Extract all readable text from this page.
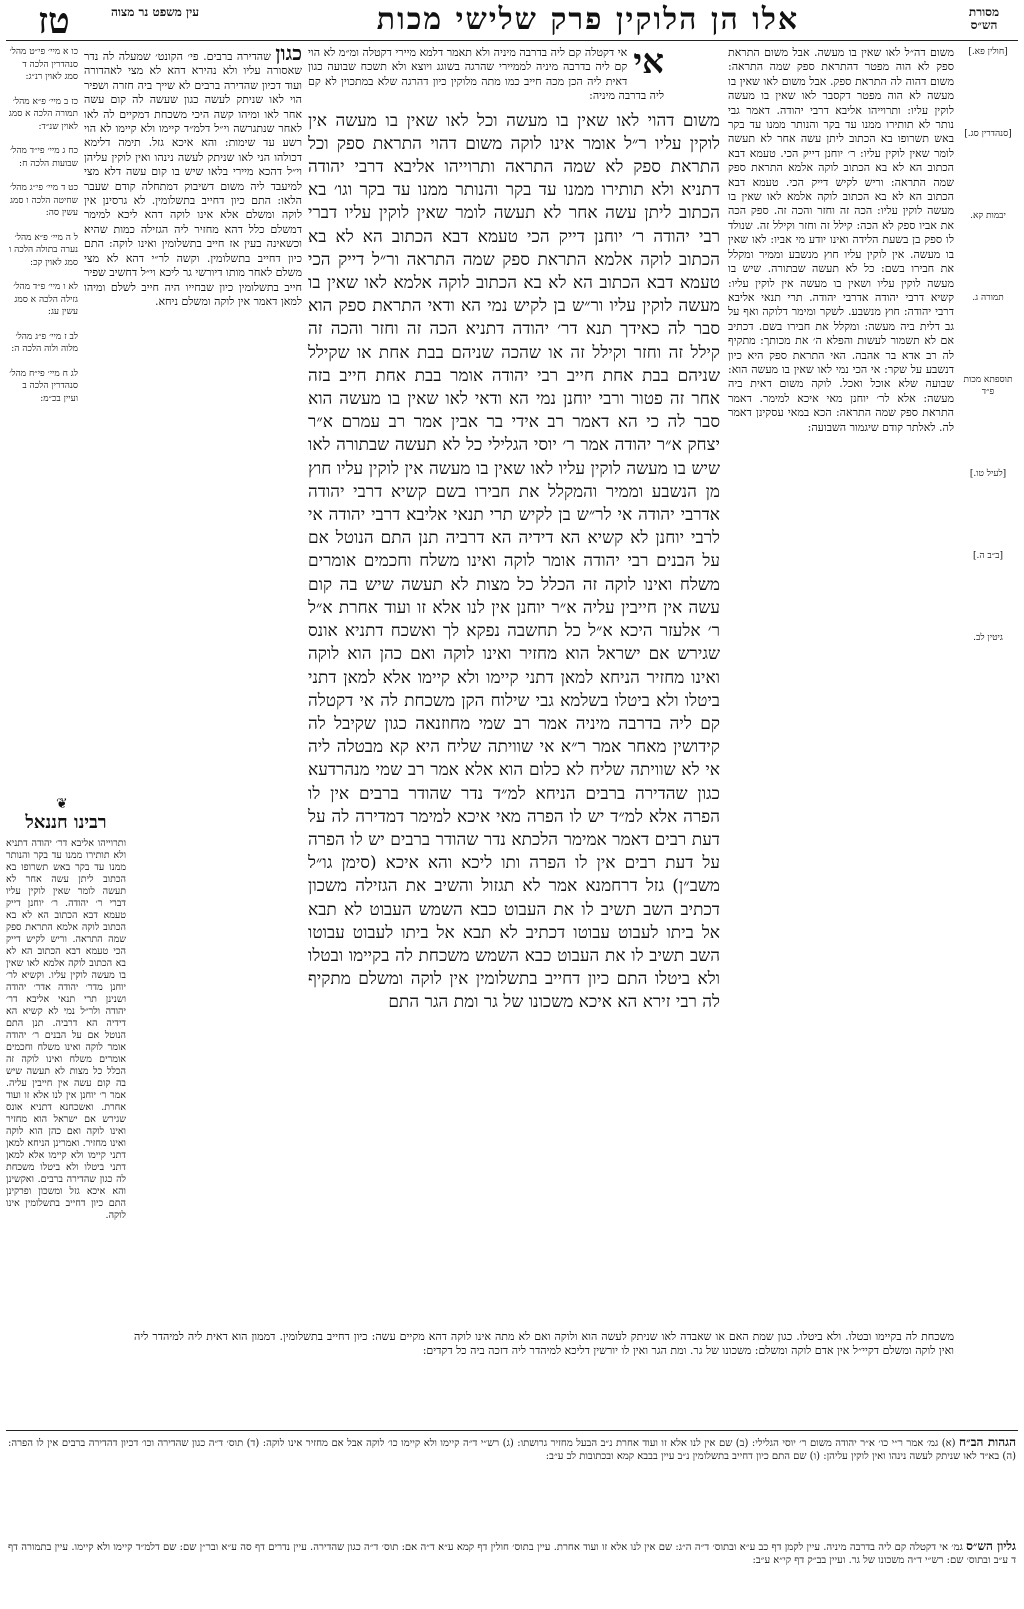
מסורת הש״ס
אלו הן הלוקין פרק שלישי מכות
עין משפט נר מצוה
טז
[חולין פא.]
[סנהדרין סג.]
יבמות קא.
תמורה ג.
תוספתא מכות פ״ד
[לעיל טו.]
[ב״ב ה.]
גיטין לב.
משום דה״ל לאו שאין בו מעשה. אבל משום התראת ספק לא הוה מפטר דהתראת ספק שמה התראה: משום דהוה לה התראת ספק. אבל משום לאו שאין בו מעשה לא הוה מפטר דקסבר לאו שאין בו מעשה לוקין עליו: ותרוייהו אליבא דרבי יהודה. דאמר גבי נותר לא תותירו ממנו עד בקר והנותר ממנו עד בקר באש תשרופו בא הכתוב ליתן עשה אחר לא תעשה לומר שאין לוקין עליו: ר׳ יוחנן דייק הכי. טעמא דבא הכתוב הא לא בא הכתוב לוקה אלמא התראת ספק שמה התראה: וריש לקיש דייק הכי. טעמא דבא הכתוב הא לא בא הכתוב לוקה אלמא לאו שאין בו מעשה לוקין עליו: הכה זה וחזר והכה זה. ספק הכה את אביו ספק לא הכה: קילל זה וחזר וקילל זה. שנולד לו ספק בן בשעת הלידה ואינו יודע מי אביו: לאו שאין בו מעשה. אין לוקין עליו חוץ מנשבע וממיר ומקלל את חבירו בשם: כל לא תעשה שבתורה. שיש בו מעשה לוקין עליו ושאין בו מעשה אין לוקין עליו: קשיא דרבי יהודה אדרבי יהודה. תרי תנאי אליבא דרבי יהודה: חוץ מנשבע. לשקר ומימר דלוקה ואף על גב דלית ביה מעשה: ומקלל את חבירו בשם. דכתיב אם לא תשמור לעשות והפלא ה׳ את מכותך: מתקיף לה רב אדא בר אהבה. האי התראת ספק היא כיון דנשבע על שקר: אי הכי נמי לאו שאין בו מעשה הוא: שבועה שלא אוכל ואכל. לוקה משום דאית ביה מעשה: אלא לר׳ יוחנן מאי איכא למימר. דאמר התראת ספק שמה התראה: הכא במאי עסקינן דאמר לה. לאלתר קודם שיגמור השבועה:
אי
אי דקטלה קם ליה בדרבה מיניה ולא תאמר דלמא מיירי דקטלה ומ״מ לא הוי קם ליה בדרבה מיניה לממיירי שהרגה בשוגג ויוצא ולא תשכח שבועה כגון דאית ליה הכן מכה חייב כמו מתה מלוקין כיון דהרגה שלא במתכוין לא קם ליה בדרבה מיניה:
משום דהוי לאו שאין בו מעשה וכל לאו שאין בו מעשה אין לוקין עליו ר״ל אומר אינו לוקה משום דהוי התראת ספק וכל התראת ספק לא שמה התראה ותרוייהו אליבא דרבי יהודה דתניא ולא תותירו ממנו עד בקר והנותר ממנו עד בקר וגו׳ בא הכתוב ליתן עשה אחר לא תעשה לומר שאין לוקין עליו דברי רבי יהודה ר׳ יוחנן דייק הכי טעמא דבא הכתוב הא לא בא הכתוב לוקה אלמא התראת ספק שמה התראה ור״ל דייק הכי טעמא דבא הכתוב הא לא בא הכתוב לוקה אלמא לאו שאין בו מעשה לוקין עליו ור״ש בן לקיש נמי הא ודאי התראת ספק הוא סבר לה כאידך תנא דר׳ יהודה דתניא הכה זה וחזר והכה זה קילל זה וחזר וקילל זה או שהכה שניהם בבת אחת או שקילל שניהם בבת אחת חייב רבי יהודה אומר בבת אחת חייב בזה אחר זה פטור ורבי יוחנן נמי הא ודאי לאו שאין בו מעשה הוא סבר לה כי הא דאמר רב אידי בר אבין אמר רב עמרם א״ר יצחק א״ר יהודה אמר ר׳ יוסי הגלילי כל לא תעשה שבתורה לאו שיש בו מעשה לוקין עליו לאו שאין בו מעשה אין לוקין עליו חוץ מן הנשבע וממיר והמקלל את חבירו בשם קשיא דרבי יהודה אדרבי יהודה אי לר״ש בן לקיש תרי תנאי אליבא דרבי יהודה אי לרבי יוחנן לא קשיא הא דידיה הא דרביה תנן התם הנוטל אם על הבנים רבי יהודה אומר לוקה ואינו משלח וחכמים אומרים משלח ואינו לוקה זה הכלל כל מצות לא תעשה שיש בה קום עשה אין חייבין עליה א״ר יוחנן אין לנו אלא זו ועוד אחרת א״ל ר׳ אלעזר היכא א״ל כל תחשבה נפקא לך ואשכח דתניא אונס שגירש אם ישראל הוא מחזיר ואינו לוקה ואם כהן הוא לוקה ואינו מחזיר הניחא למאן דתני קיימו ולא קיימו אלא למאן דתני ביטלו ולא ביטלו בשלמא גבי שילוח הקן משכחת לה אי דקטלה קם ליה בדרבה מיניה אמר רב שמי מחוזנאה כגון שקיבל לה קידושין מאחר אמר ר״א אי שוויתה שליח היא קא מבטלה ליה אי לא שוויתה שליח לא כלום הוא אלא אמר רב שמי מנהרדעא כגון שהדירה ברבים הניחא למ״ד נדר שהודר ברבים אין לו הפרה אלא למ״ד יש לו הפרה מאי איכא למימר דמדירה לה על דעת רבים דאמר אמימר הלכתא נדר שהודר ברבים יש לו הפרה על דעת רבים אין לו הפרה ותו ליכא והא איכא (סימן גו״ל משב״ן) גזל דרחמנא אמר לא תגזול והשיב את הגזילה משכון דכתיב השב תשיב לו את העבוט כבא השמש העבוט לא תבא אל ביתו לעבוט עבוטו דכתיב לא תבא אל ביתו לעבוט עבוטו השב תשיב לו את העבוט כבא השמש משכחת לה בקיימו ובטלו ולא ביטלו התם כיון דחייב בתשלומין אין לוקה ומשלם מתקיף לה רבי זירא הא איכא משכונו של גר ומת הגר התם
כגון שהדירה ברבים. פי׳ הקונט׳ שמעלה לה נדר שאסורה עליו ולא נהירא דהא לא מצי לאהדורה ועוד דכיון שהדירה ברבים לא שייך ביה חזרה ושפיר הוי לאו שניתק לעשה כגון שעשה לה קום עשה אחר לאו ומיהו קשה היכי משכחת דמקיים לה לאו לאחר שנתגרשה וי״ל דלמ״ד קיימו ולא קיימו לא הוי רשע עד שימות: והא איכא גזל. תימה דלימא דכולהו הני לאו שניתק לעשה נינהו ואין לוקין עליהן וי״ל דהכא מיירי בלאו שיש בו קום עשה דלא מצי למיעבד ליה משום דשיבוק דמתחלה קודם שעבר הלאו: התם כיון דחייב בתשלומין. לא גרסינן אין לוקה ומשלם אלא אינו לוקה דהא ליכא למימר דמשלם כלל דהא מחזיר ליה הגזילה כמות שהיא וכשאינה בעין אז חייב בתשלומין ואינו לוקה: התם כיון דחייב בתשלומין. וקשה לר״י דהא לא מצי משלם לאחר מותו דיורשי גר ליכא וי״ל דחשיב שפיר חייב בתשלומין כיון שבחייו היה חייב לשלם ומיהו למאן דאמר אין לוקה ומשלם ניחא.
כו א מיי׳ פי״ט מהל׳ סנהדרין הלכה ד סמג לאוין רנ״ג:
כז ב מיי׳ פ״א מהל׳ תמורה הלכה א סמג לאוין שנ״ד:
כח ג מיי׳ פי״ד מהל׳ שבועות הלכה ח:
כט ד מיי׳ פי״ג מהל׳ שחיטה הלכה ו סמג עשין סה:
ל ה מיי׳ פ״א מהל׳ נערה בתולה הלכה ו סמג לאוין קכ:
לא ו מיי׳ פ״ד מהל׳ גזילה הלכה א סמג עשין עג:
לב ז מיי׳ פ״ג מהל׳ מלוה ולוה הלכה ה:
לג ח מיי׳ פי״ח מהל׳ סנהדרין הלכה ב ועיין בכ״מ:
❦
רבינו חננאל
ותרוייהו אליבא דר׳ יהודה דתניא ולא תותירו ממנו עד בקר והנותר ממנו עד בקר באש תשרופו בא הכתוב ליתן עשה אחר לא תעשה לומר שאין לוקין עליו דברי ר׳ יהודה. ר׳ יוחנן דייק טעמא דבא הכתוב הא לא בא הכתוב לוקה אלמא התראת ספק שמה התראה. וריש לקיש דייק הכי טעמא דבא הכתוב הא לא בא הכתוב לוקה אלמא לאו שאין בו מעשה לוקין עליו. וקשיא לר׳ יוחנן מדר׳ יהודה אדר׳ יהודה ושנינן תרי תנאי אליבא דר׳ יהודה ולר״ל נמי לא קשיא הא דידיה הא דרביה. תנן התם הנוטל אם על הבנים ר׳ יהודה אומר לוקה ואינו משלח וחכמים אומרים משלח ואינו לוקה זה הכלל כל מצות לא תעשה שיש בה קום עשה אין חייבין עליה. אמר ר׳ יוחנן אין לנו אלא זו ועוד אחרת. ואשכחנא דתניא אונס שגירש אם ישראל הוא מחזיר ואינו לוקה ואם כהן הוא לוקה ואינו מחזיר. ואמרינן הניחא למאן דתני קיימו ולא קיימו אלא למאן דתני ביטלו ולא ביטלו משכחת לה כגון שהדירה ברבים. ואקשינן והא איכא גזל ומשכון ופרקינן התם כיון דחייב בתשלומין אינו לוקה.
משכחת לה בקיימו ובטלו. ולא ביטלו. כגון שמת האם או שאבדה לאו שניתק לעשה הוא ולוקה ואם לא מתה אינו לוקה דהא מקיים עשה: כיון דחייב בתשלומין. דממון הוא דאית ליה למיהדר ליה ואין לוקה ומשלם דקיי״ל אין אדם לוקה ומשלם: משכונו של גר. ומת הגר ואין לו יורשין דליכא למיהדר ליה דזכה ביה כל דקדים:
הגהות הב״ח (א) גמ׳ אמר ר״י כו׳ א״ר יהודה משום ר׳ יוסי הגלילי: (ב) שם אין לנו אלא זו ועוד אחרת נ״ב הבעל מחזיר גרושתו: (ג) רש״י ד״ה קיימו ולא קיימו כו׳ לוקה אבל אם מחזיר אינו לוקה: (ד) תוס׳ ד״ה כגון שהדירה וכו׳ דכיון דהדירה ברבים אין לו הפרה: (ה) בא״ד לאו שניתק לעשה נינהו ואין לוקין עליהן: (ו) שם התם כיון דחייב בתשלומין נ״ב עיין בבבא קמא ובכתובות לב ע״ב:
גליון הש״ס גמ׳ אי דקטלה קם ליה בדרבה מיניה. עיין לקמן דף כב ע״א ובתוס׳ ד״ה ה״ג: שם אין לנו אלא זו ועוד אחרת. עיין בתוס׳ חולין דף קמא ע״א ד״ה אם: תוס׳ ד״ה כגון שהדירה. עיין נדרים דף סה ע״א ובר״ן שם: שם דלמ״ד קיימו ולא קיימו. עיין בתמורה דף ד ע״ב ובתוס׳ שם: רש״י ד״ה משכונו של גר. ועיין בב״ק דף קי״א ע״ב:
